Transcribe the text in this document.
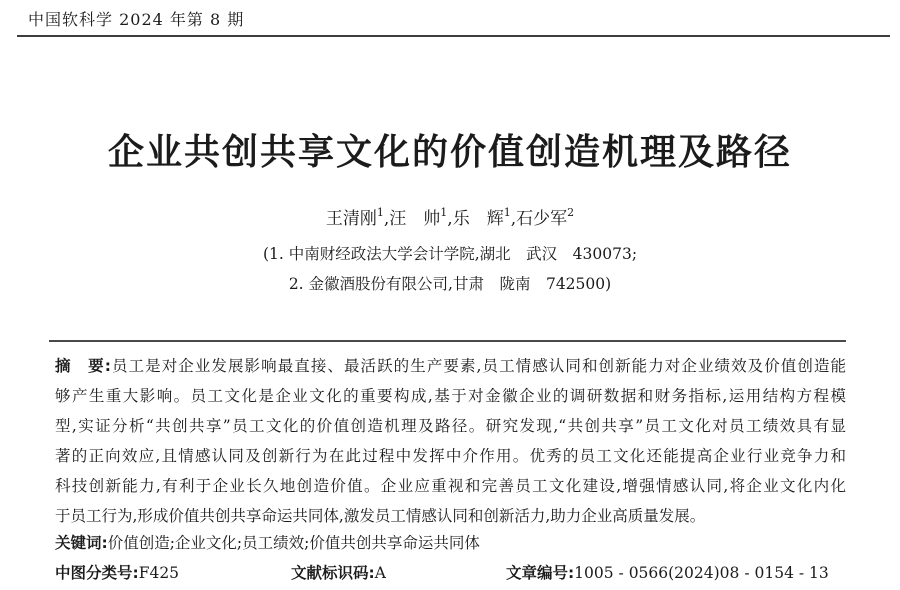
中国软科学 2024 年第 8 期
企业共创共享文化的价值创造机理及路径
王清刚$^1$,汪　帅$^1$,乐　辉$^1$,石少军$^2$
(1. 中南财经政法大学会计学院,湖北　武汉　430073;
2. 金徽酒股份有限公司,甘肃　陇南　742500)
摘　要:员工是对企业发展影响最直接、最活跃的生产要素,员工情感认同和创新能力对企业绩效及价值创造能
够产生重大影响。员工文化是企业文化的重要构成,基于对金徽企业的调研数据和财务指标,运用结构方程模
型,实证分析“共创共享”员工文化的价值创造机理及路径。研究发现,“共创共享”员工文化对员工绩效具有显
著的正向效应,且情感认同及创新行为在此过程中发挥中介作用。优秀的员工文化还能提高企业行业竞争力和
科技创新能力,有利于企业长久地创造价值。企业应重视和完善员工文化建设,增强情感认同,将企业文化内化
于员工行为,形成价值共创共享命运共同体,激发员工情感认同和创新活力,助力企业高质量发展。
关键词:价值创造;企业文化;员工绩效;价值共创共享命运共同体
中图分类号:F425	文献标识码:A	文章编号:1005 - 0566(2024)08 - 0154 - 13
